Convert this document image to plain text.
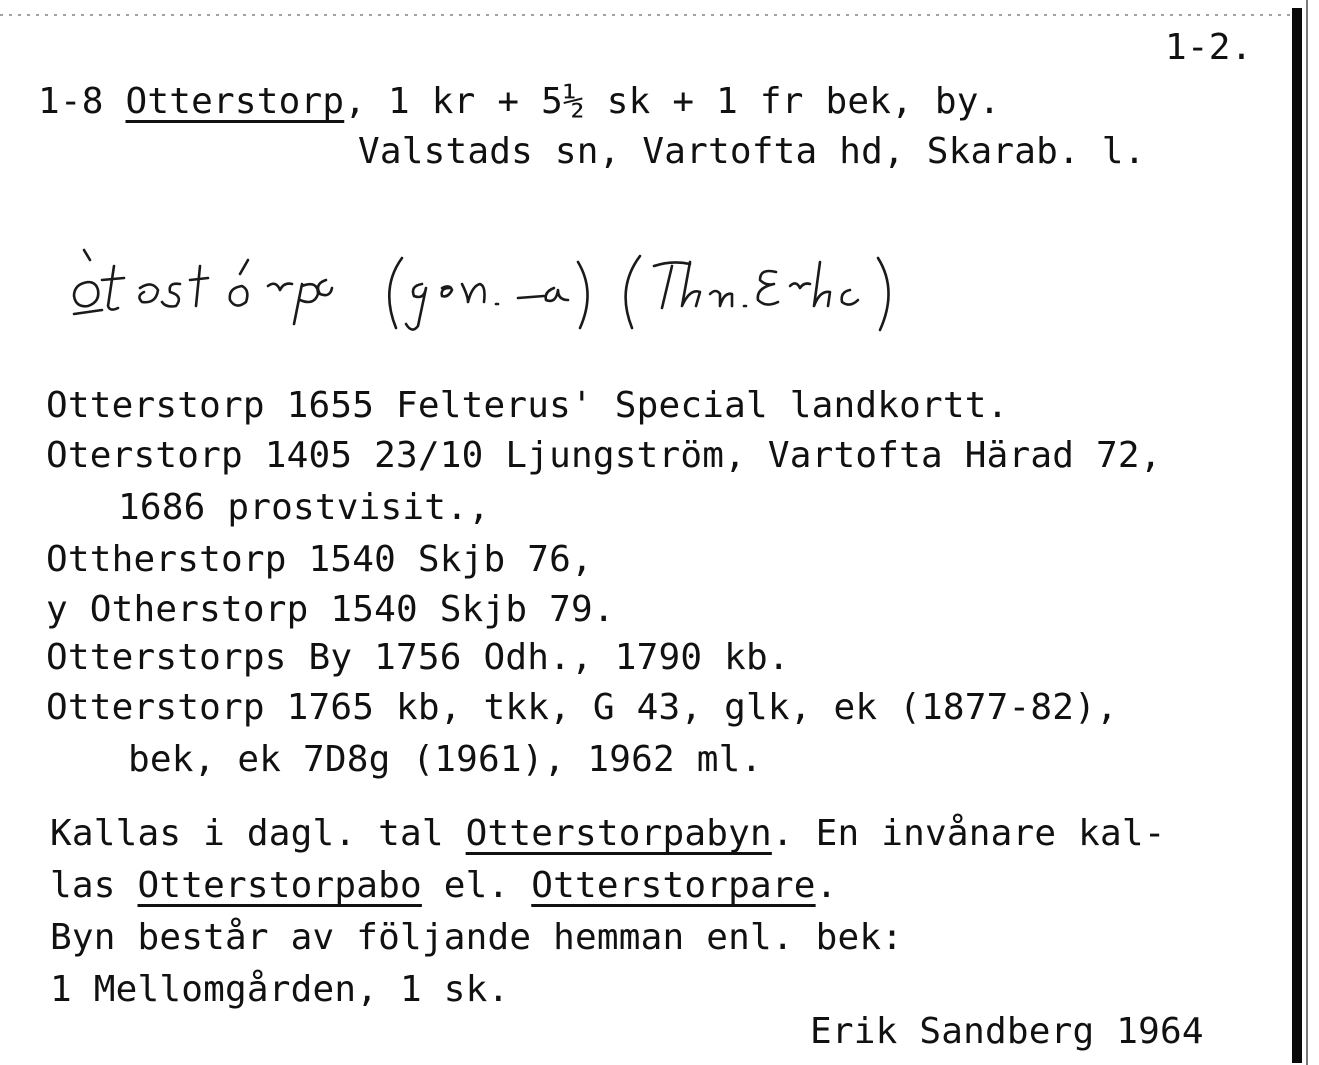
1-2.
1-8 Otterstorp, 1 kr + 5½ sk + 1 fr bek, by.
Valstads sn, Vartofta hd, Skarab. l.
Otterstorp 1655 Felterus' Special landkortt.
Oterstorp 1405 23/10 Ljungström, Vartofta Härad 72,
1686 prostvisit.,
Ottherstorp 1540 Skjb 76,
y Otherstorp 1540 Skjb 79.
Otterstorps By 1756 Odh., 1790 kb.
Otterstorp 1765 kb, tkk, G 43, glk, ek (1877-82),
bek, ek 7D8g (1961), 1962 ml.
Kallas i dagl. tal Otterstorpabyn. En invånare kal-
las Otterstorpabo el. Otterstorpare.
Byn består av följande hemman enl. bek:
1 Mellomgården, 1 sk.
Erik Sandberg 1964
